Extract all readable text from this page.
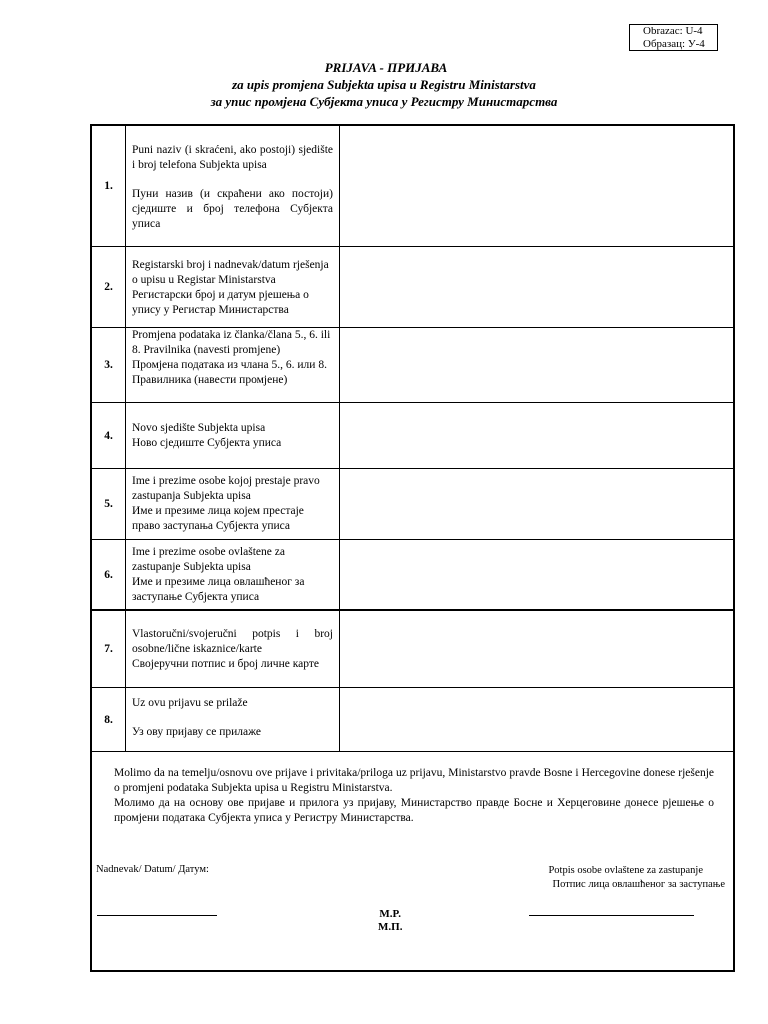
Obrazac: U-4
Образац: У-4
PRIJAVA - ПРИЈАВА
za upis promjena Subjekta upisa u Registru Ministarstva
за упис промјена Субјекта уписа у Регистру Министарства
1.

Puni naziv (i skraćeni, ako postoji) sjedište i broj telefona Subjekta upisa

Пуни назив (и скраћени ако постоји) сједиште и број телефона Субјекта уписа

2.

Registarski broj i nadnevak/datum rješenja o upisu u Registar Ministarstva

Регистарски број и датум рјешења о упису у Регистар Министарства

3.

Promjena podataka iz članka/člana 5., 6. ili 8. Pravilnika (navesti promjene)

Промјена података из члана 5., 6. или 8. Правилника (навести промјене)

4.

Novo sjedište Subjekta upisa

Ново сједиште Субјекта уписа

5.

Ime i prezime osobe kojoj prestaje pravo zastupanja Subjekta upisa

Име и презиме лица којем престаје право заступања Субјекта уписа

6.

Ime i prezime osobe ovlaštene za zastupanje Subjekta upisa

Име и презиме лица овлашћеног за заступање Субјекта уписа

7.

Vlastoručni/svojeručni potpis i broj osobne/lične iskaznice/karte

Својеручни потпис и број личне карте

8.

Uz ovu prijavu se prilaže

Уз ову пријаву се прилаже

Molimo da na temelju/osnovu ove prijave i privitaka/priloga uz prijavu, Ministarstvo pravde Bosne i Hercegovine donese rješenje o promjeni podataka Subjekta upisa u Registru Ministarstva.

Молимо да на основу ове пријаве и прилога уз пријаву, Министарство правде Босне и Херцеговине донесе рјешење о промјени података Субјекта уписа у Регистру Министарства.

Nadnevak/ Datum/ Датум:	Potpis osobe ovlaštene za zastupanje
Потпис лица овлашћеног за заступање
M.P.
М.П.
